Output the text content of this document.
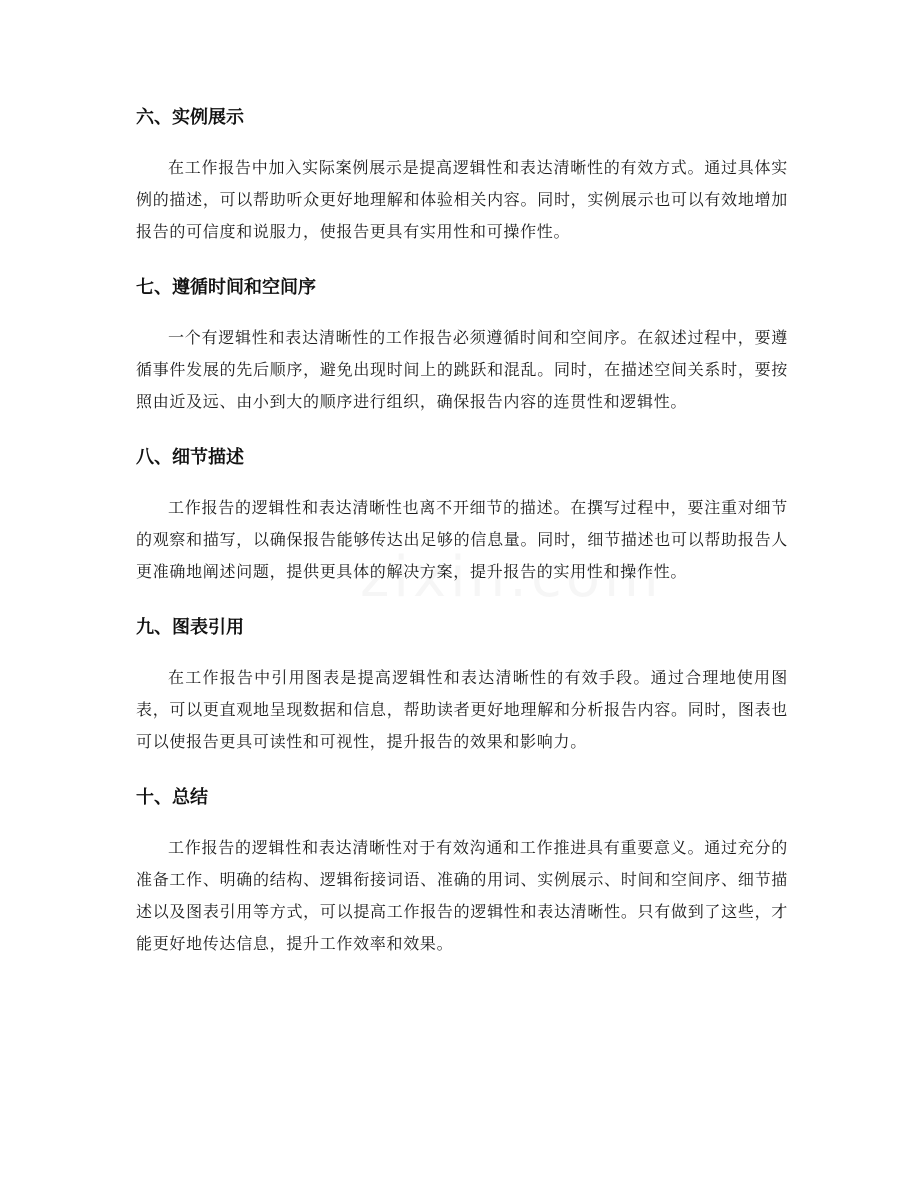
六、实例展示

在工作报告中加入实际案例展示是提高逻辑性和表达清晰性的有效方式。通过具体实例的描述，可以帮助听众更好地理解和体验相关内容。同时，实例展示也可以有效地增加报告的可信度和说服力，使报告更具有实用性和可操作性。

七、遵循时间和空间序

一个有逻辑性和表达清晰性的工作报告必须遵循时间和空间序。在叙述过程中，要遵循事件发展的先后顺序，避免出现时间上的跳跃和混乱。同时，在描述空间关系时，要按照由近及远、由小到大的顺序进行组织，确保报告内容的连贯性和逻辑性。

八、细节描述

工作报告的逻辑性和表达清晰性也离不开细节的描述。在撰写过程中，要注重对细节的观察和描写，以确保报告能够传达出足够的信息量。同时，细节描述也可以帮助报告人更准确地阐述问题，提供更具体的解决方案，提升报告的实用性和操作性。

九、图表引用

在工作报告中引用图表是提高逻辑性和表达清晰性的有效手段。通过合理地使用图表，可以更直观地呈现数据和信息，帮助读者更好地理解和分析报告内容。同时，图表也可以使报告更具可读性和可视性，提升报告的效果和影响力。

十、总结

工作报告的逻辑性和表达清晰性对于有效沟通和工作推进具有重要意义。通过充分的准备工作、明确的结构、逻辑衔接词语、准确的用词、实例展示、时间和空间序、细节描述以及图表引用等方式，可以提高工作报告的逻辑性和表达清晰性。只有做到了这些，才能更好地传达信息，提升工作效率和效果。
